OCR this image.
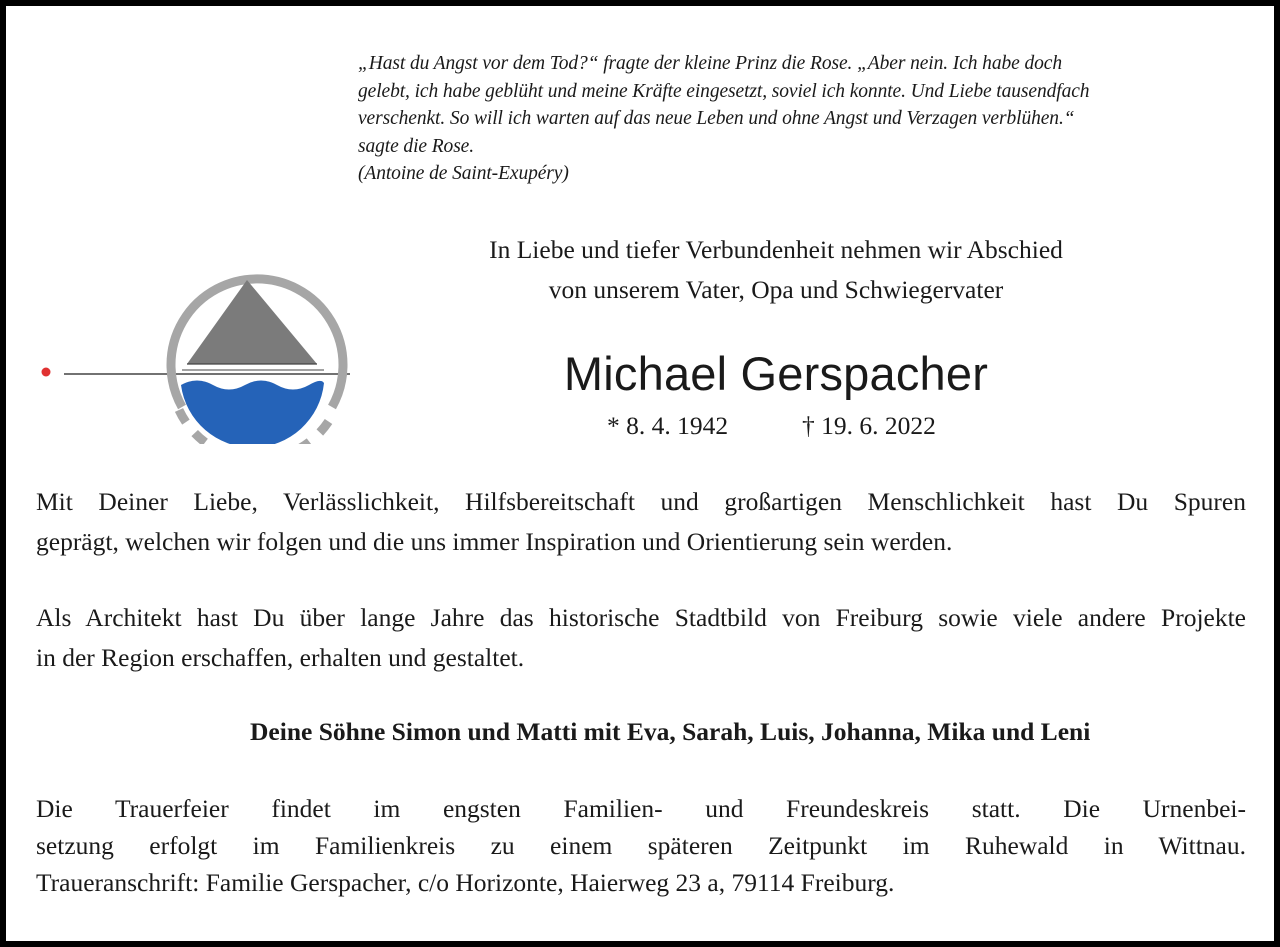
„Hast du Angst vor dem Tod?“ fragte der kleine Prinz die Rose. „Aber nein. Ich habe doch
gelebt, ich habe geblüht und meine Kräfte eingesetzt, soviel ich konnte. Und Liebe tausendfach
verschenkt. So will ich warten auf das neue Leben und ohne Angst und Verzagen verblühen.“
sagte die Rose.
(Antoine de Saint-Exupéry)
In Liebe und tiefer Verbundenheit nehmen wir Abschied
von unserem Vater, Opa und Schwiegervater
Michael Gerspacher
* 8. 4. 1942	† 19. 6. 2022
Mit Deiner Liebe, Verlässlichkeit, Hilfsbereitschaft und großartigen Menschlichkeit hast Du Spuren
geprägt, welchen wir folgen und die uns immer Inspiration und Orientierung sein werden.
Als Architekt hast Du über lange Jahre das historische Stadtbild von Freiburg sowie viele andere Projekte
in der Region erschaffen, erhalten und gestaltet.
Deine Söhne Simon und Matti mit Eva, Sarah, Luis, Johanna, Mika und Leni
Die Trauerfeier findet im engsten Familien- und Freundeskreis statt. Die Urnenbei-
setzung erfolgt im Familienkreis zu einem späteren Zeitpunkt im Ruhewald in Wittnau.
Traueranschrift: Familie Gerspacher, c/o Horizonte, Haierweg 23 a, 79114 Freiburg.
